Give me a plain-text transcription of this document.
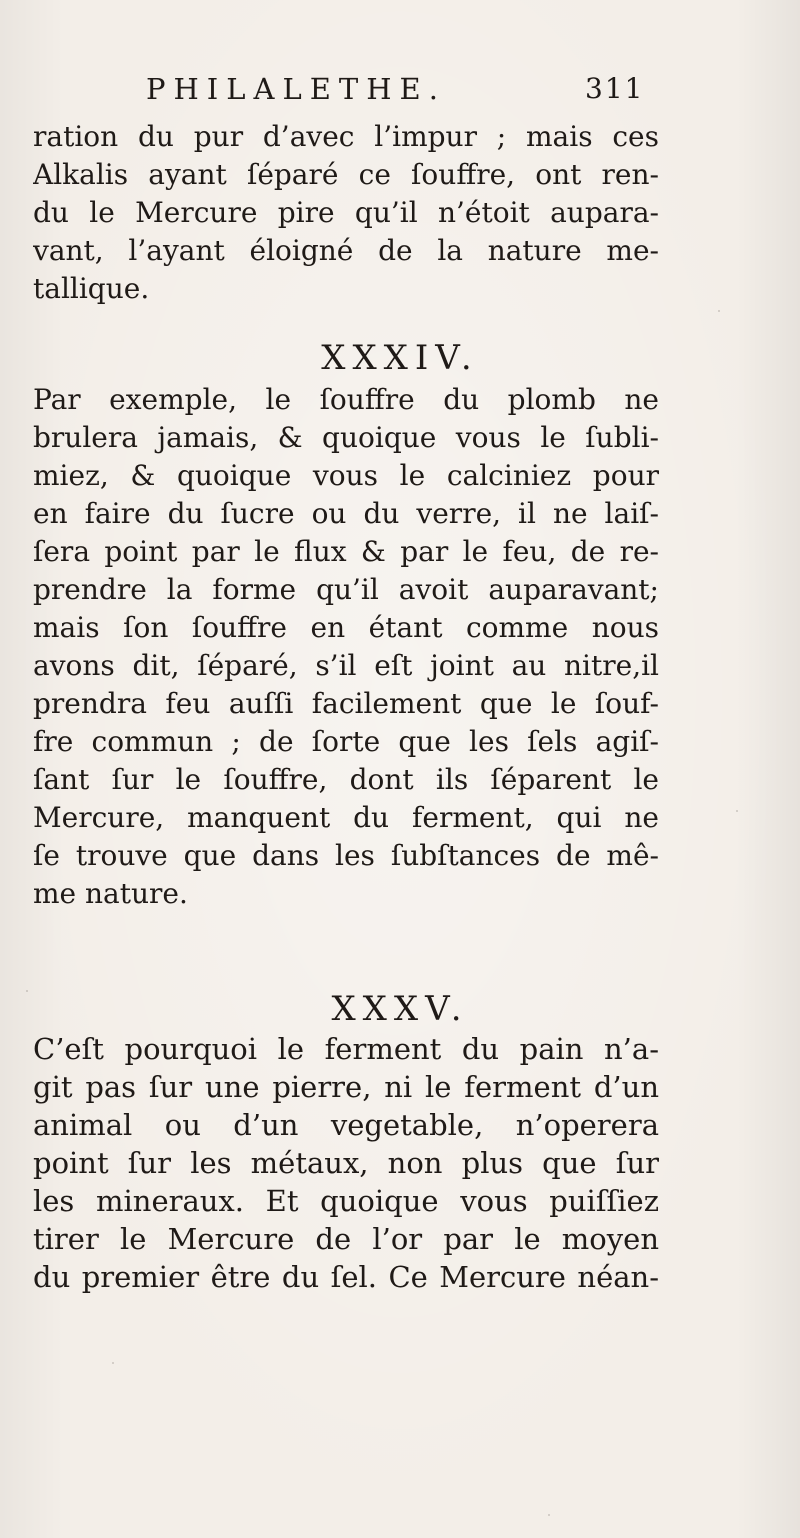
PHILALETHE.	311
ration du pur d’avec l’impur ; mais ces
Alkalis ayant ſéparé ce ſouffre, ont ren-
du le Mercure pire qu’il n’étoit aupara-
vant, l’ayant éloigné de la nature me-
tallique.
XXXIV.
Par exemple, le ſouffre du plomb ne
brulera jamais, & quoique vous le ſubli-
miez, & quoique vous le calciniez pour
en faire du ſucre ou du verre, il ne laiſ-
ſera point par le flux & par le feu, de re-
prendre la forme qu’il avoit auparavant;
mais ſon ſouffre en étant comme nous
avons dit, ſéparé, s’il eſt joint au nitre,il
prendra feu auſſi facilement que le ſouf-
fre commun ; de ſorte que les ſels agiſ-
ſant ſur le ſouffre, dont ils ſéparent le
Mercure, manquent du ferment, qui ne
ſe trouve que dans les ſubſtances de mê-
me nature.
XXXV.
C’eſt pourquoi le ferment du pain n’a-
git pas ſur une pierre, ni le ferment d’un
animal ou d’un vegetable, n’operera
point ſur les métaux, non plus que ſur
les mineraux. Et quoique vous puiſſiez
tirer le Mercure de l’or par le moyen
du premier être du ſel. Ce Mercure néan-
